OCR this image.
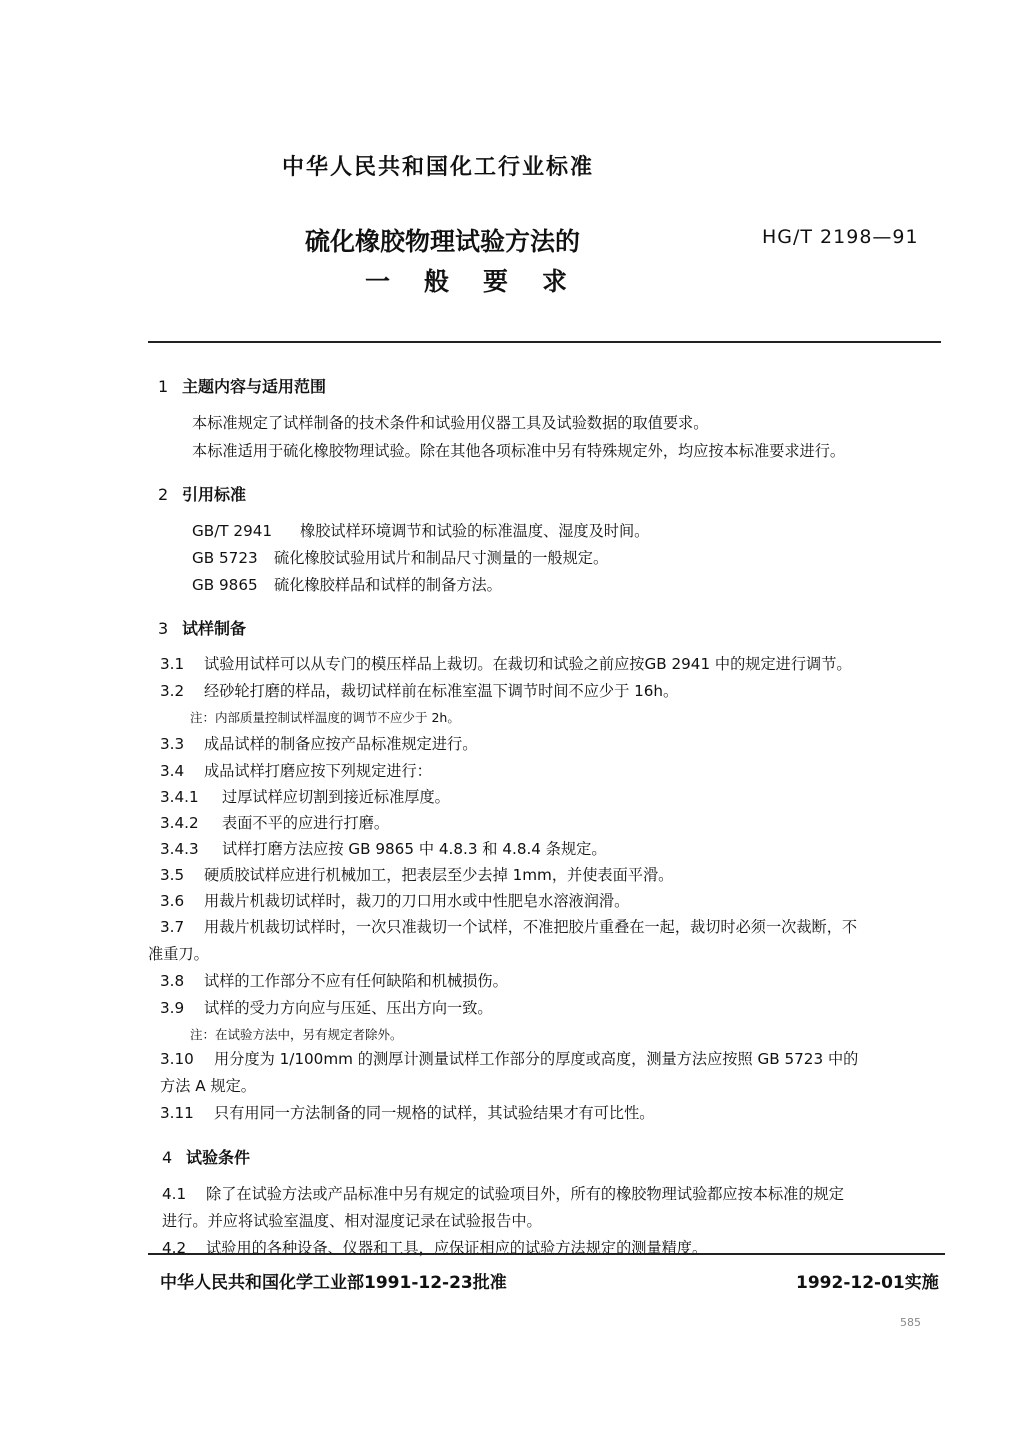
中华人民共和国化工行业标准
硫化橡胶物理试验方法的
一般要求
HG/T 2198—91
1 主题内容与适用范围
本标准规定了试样制备的技术条件和试验用仪器工具及试验数据的取值要求。
本标准适用于硫化橡胶物理试验。除在其他各项标准中另有特殊规定外，均应按本标准要求进行。
2 引用标准
GB/T 2941 橡胶试样环境调节和试验的标准温度、湿度及时间。
GB 5723 硫化橡胶试验用试片和制品尺寸测量的一般规定。
GB 9865 硫化橡胶样品和试样的制备方法。
3 试样制备
3.1 试验用试样可以从专门的模压样品上裁切。在裁切和试验之前应按GB 2941 中的规定进行调节。
3.2 经砂轮打磨的样品，裁切试样前在标准室温下调节时间不应少于 16h。
注：内部质量控制试样温度的调节不应少于 2h。
3.3 成品试样的制备应按产品标准规定进行。
3.4 成品试样打磨应按下列规定进行：
3.4.1 过厚试样应切割到接近标准厚度。
3.4.2 表面不平的应进行打磨。
3.4.3 试样打磨方法应按 GB 9865 中 4.8.3 和 4.8.4 条规定。
3.5 硬质胶试样应进行机械加工，把表层至少去掉 1mm，并使表面平滑。
3.6 用裁片机裁切试样时，裁刀的刀口用水或中性肥皂水溶液润滑。
3.7 用裁片机裁切试样时，一次只准裁切一个试样，不准把胶片重叠在一起，裁切时必须一次裁断，不
准重刀。
3.8 试样的工作部分不应有任何缺陷和机械损伤。
3.9 试样的受力方向应与压延、压出方向一致。
注：在试验方法中，另有规定者除外。
3.10 用分度为 1/100mm 的测厚计测量试样工作部分的厚度或高度，测量方法应按照 GB 5723 中的
方法 A 规定。
3.11 只有用同一方法制备的同一规格的试样，其试验结果才有可比性。
4 试验条件
4.1 除了在试验方法或产品标准中另有规定的试验项目外，所有的橡胶物理试验都应按本标准的规定
进行。并应将试验室温度、相对湿度记录在试验报告中。
4.2 试验用的各种设备、仪器和工具，应保证相应的试验方法规定的测量精度。
中华人民共和国化学工业部1991-12-23批准	1992-12-01实施
585
